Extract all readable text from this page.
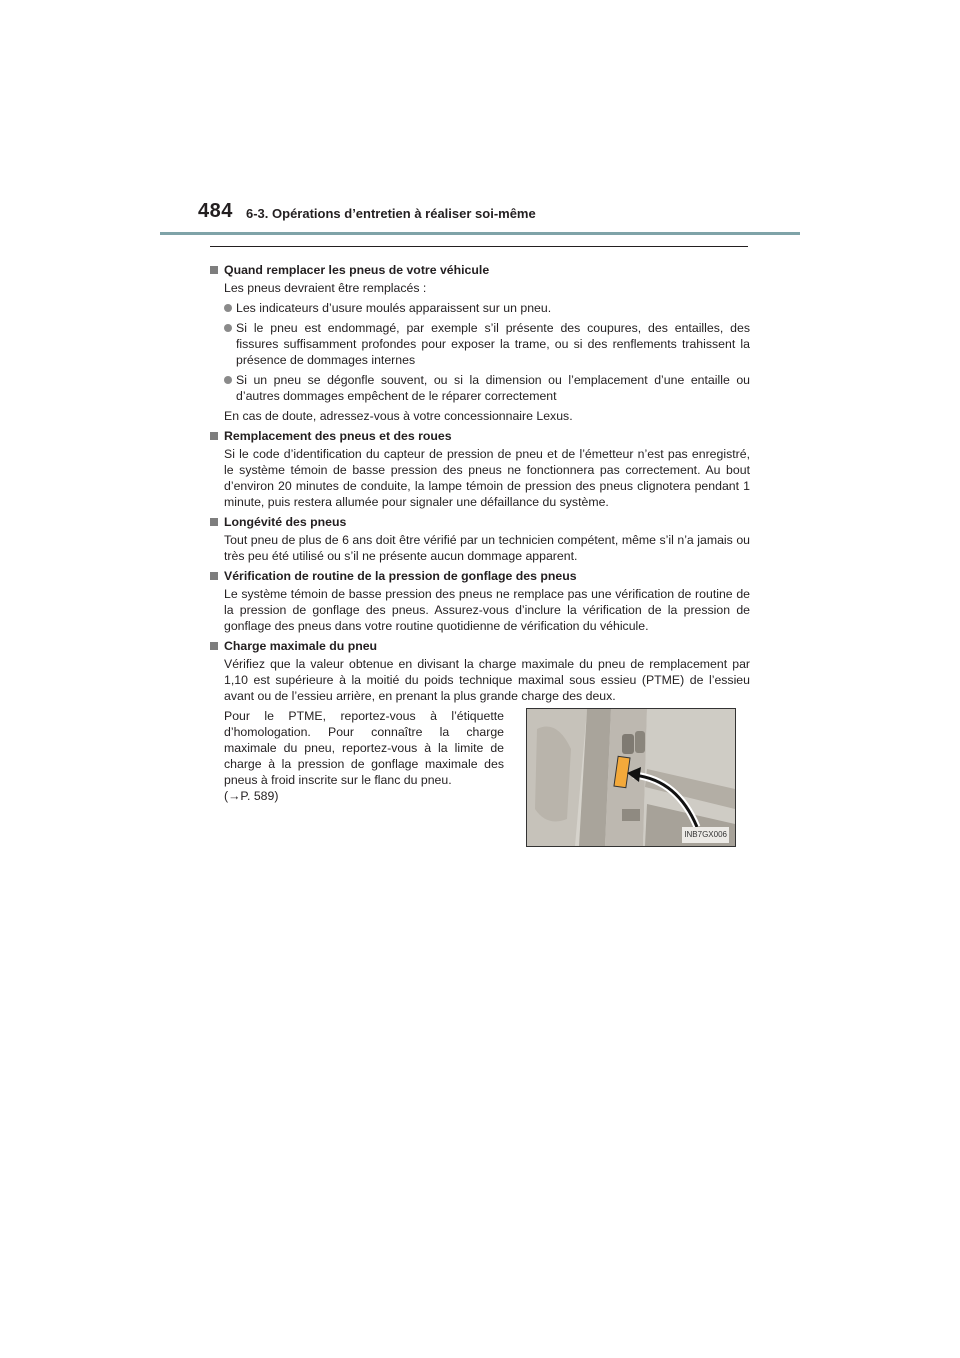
484 6-3. Opérations d’entretien à réaliser soi-même
Quand remplacer les pneus de votre véhicule
Les pneus devraient être remplacés :
Les indicateurs d’usure moulés apparaissent sur un pneu.
Si le pneu est endommagé, par exemple s’il présente des coupures, des entailles, des fissures suffisamment profondes pour exposer la trame, ou si des renflements trahissent la présence de dommages internes
Si un pneu se dégonfle souvent, ou si la dimension ou l’emplacement d’une entaille ou d’autres dommages empêchent de le réparer correctement
En cas de doute, adressez-vous à votre concessionnaire Lexus.
Remplacement des pneus et des roues
Si le code d’identification du capteur de pression de pneu et de l’émetteur n’est pas enregistré, le système témoin de basse pression des pneus ne fonctionnera pas correctement. Au bout d’environ 20 minutes de conduite, la lampe témoin de pression des pneus clignotera pendant 1 minute, puis restera allumée pour signaler une défaillance du système.
Longévité des pneus
Tout pneu de plus de 6 ans doit être vérifié par un technicien compétent, même s’il n’a jamais ou très peu été utilisé ou s’il ne présente aucun dommage apparent.
Vérification de routine de la pression de gonflage des pneus
Le système témoin de basse pression des pneus ne remplace pas une vérification de routine de la pression de gonflage des pneus. Assurez-vous d’inclure la vérification de la pression de gonflage des pneus dans votre routine quotidienne de vérification du véhicule.
Charge maximale du pneu
Vérifiez que la valeur obtenue en divisant la charge maximale du pneu de remplacement par 1,10 est supérieure à la moitié du poids technique maximal sous essieu (PTME) de l’essieu avant ou de l’essieu arrière, en prenant la plus grande charge des deux.
Pour le PTME, reportez-vous à l’étiquette d’homologation. Pour connaître la charge maximale du pneu, reportez-vous à la limite de charge à la pression de gonflage maximale des pneus à froid inscrite sur le flanc du pneu.
(→P. 589)
INB7GX006
